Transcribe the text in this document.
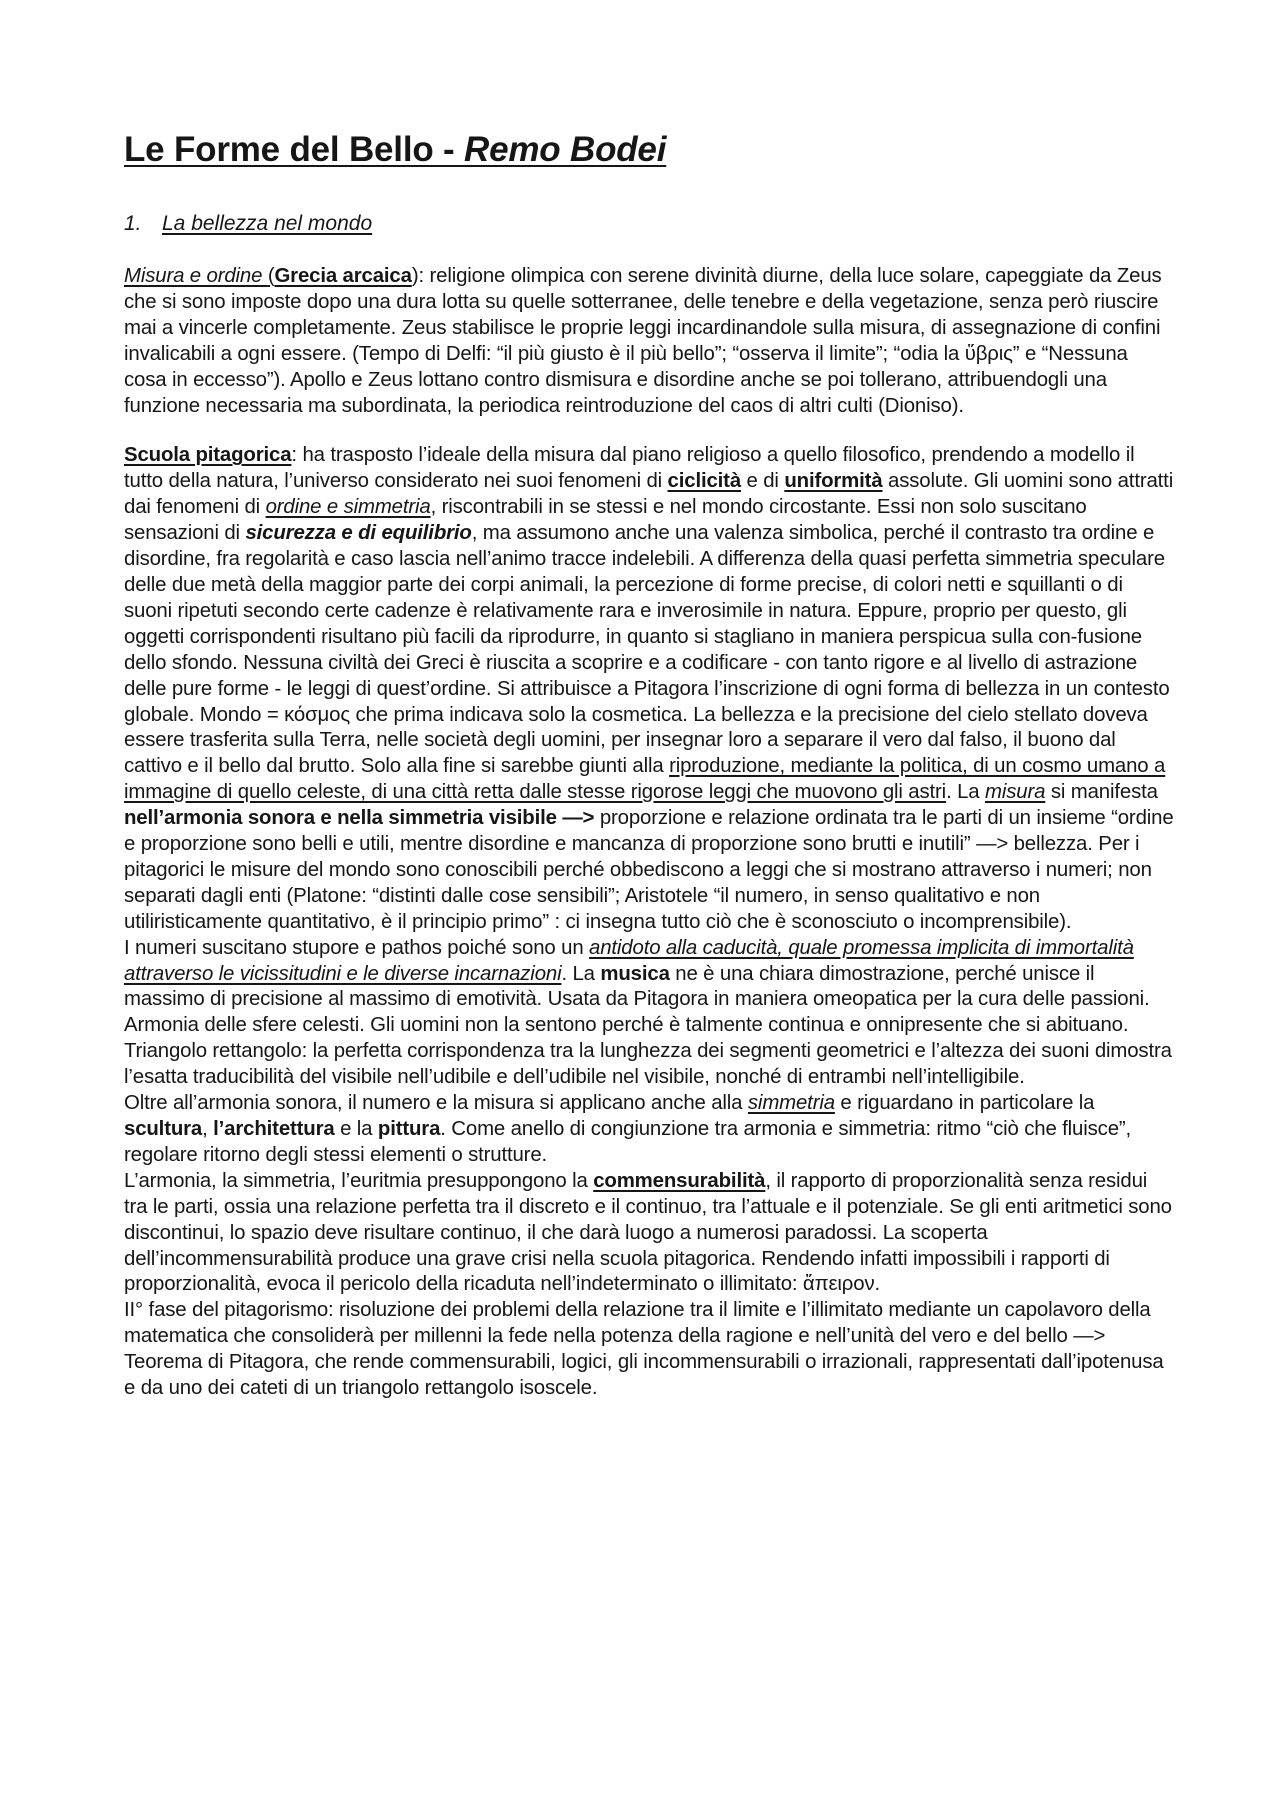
Le Forme del Bello - Remo Bodei
1. La bellezza nel mondo

Misura e ordine (Grecia arcaica): religione olimpica con serene divinità diurne, della luce solare, capeggiate da Zeus che si sono imposte dopo una dura lotta su quelle sotterranee, delle tenebre e della vegetazione, senza però riuscire mai a vincerle completamente. Zeus stabilisce le proprie leggi incardinandole sulla misura, di assegnazione di confini invalicabili a ogni essere. (Tempo di Delfi: “il più giusto è il più bello”; “osserva il limite”; “odia la ὕβρις” e “Nessuna cosa in eccesso”). Apollo e Zeus lottano contro dismisura e disordine anche se poi tollerano, attribuendogli una funzione necessaria ma subordinata, la periodica reintroduzione del caos di altri culti (Dioniso).

Scuola pitagorica: ha trasposto l’ideale della misura dal piano religioso a quello filosofico, prendendo a modello il tutto della natura, l’universo considerato nei suoi fenomeni di ciclicità e di uniformità assolute. Gli uomini sono attratti dai fenomeni di ordine e simmetria, riscontrabili in se stessi e nel mondo circostante. Essi non solo suscitano sensazioni di sicurezza e di equilibrio, ma assumono anche una valenza simbolica, perché il contrasto tra ordine e disordine, fra regolarità e caso lascia nell’animo tracce indelebili. A differenza della quasi perfetta simmetria speculare delle due metà della maggior parte dei corpi animali, la percezione di forme precise, di colori netti e squillanti o di suoni ripetuti secondo certe cadenze è relativamente rara e inverosimile in natura. Eppure, proprio per questo, gli oggetti corrispondenti risultano più facili da riprodurre, in quanto si stagliano in maniera perspicua sulla con-fusione dello sfondo. Nessuna civiltà dei Greci è riuscita a scoprire e a codificare - con tanto rigore e al livello di astrazione delle pure forme - le leggi di quest’ordine. Si attribuisce a Pitagora l’inscrizione di ogni forma di bellezza in un contesto globale. Mondo = κόσμος che prima indicava solo la cosmetica. La bellezza e la precisione del cielo stellato doveva essere trasferita sulla Terra, nelle società degli uomini, per insegnar loro a separare il vero dal falso, il buono dal cattivo e il bello dal brutto. Solo alla fine si sarebbe giunti alla riproduzione, mediante la politica, di un cosmo umano a immagine di quello celeste, di una città retta dalle stesse rigorose leggi che muovono gli astri. La misura si manifesta nell’armonia sonora e nella simmetria visibile —> proporzione e relazione ordinata tra le parti di un insieme “ordine e proporzione sono belli e utili, mentre disordine e mancanza di proporzione sono brutti e inutili” —> bellezza. Per i pitagorici le misure del mondo sono conoscibili perché obbediscono a leggi che si mostrano attraverso i numeri; non separati dagli enti (Platone: “distinti dalle cose sensibili”; Aristotele “il numero, in senso qualitativo e non utiliristicamente quantitativo, è il principio primo” : ci insegna tutto ciò che è sconosciuto o incomprensibile).

I numeri suscitano stupore e pathos poiché sono un antidoto alla caducità, quale promessa implicita di immortalità attraverso le vicissitudini e le diverse incarnazioni. La musica ne è una chiara dimostrazione, perché unisce il massimo di precisione al massimo di emotività. Usata da Pitagora in maniera omeopatica per la cura delle passioni.

Armonia delle sfere celesti. Gli uomini non la sentono perché è talmente continua e onnipresente che si abituano. Triangolo rettangolo: la perfetta corrispondenza tra la lunghezza dei segmenti geometrici e l’altezza dei suoni dimostra l’esatta traducibilità del visibile nell’udibile e dell’udibile nel visibile, nonché di entrambi nell’intelligibile.

Oltre all’armonia sonora, il numero e la misura si applicano anche alla simmetria e riguardano in particolare la scultura, l’architettura e la pittura. Come anello di congiunzione tra armonia e simmetria: ritmo “ciò che fluisce”, regolare ritorno degli stessi elementi o strutture.

L’armonia, la simmetria, l’euritmia presuppongono la commensurabilità, il rapporto di proporzionalità senza residui tra le parti, ossia una relazione perfetta tra il discreto e il continuo, tra l’attuale e il potenziale. Se gli enti aritmetici sono discontinui, lo spazio deve risultare continuo, il che darà luogo a numerosi paradossi. La scoperta dell’incommensurabilità produce una grave crisi nella scuola pitagorica. Rendendo infatti impossibili i rapporti di proporzionalità, evoca il pericolo della ricaduta nell’indeterminato o illimitato: ἄπειρον.

II° fase del pitagorismo: risoluzione dei problemi della relazione tra il limite e l’illimitato mediante un capolavoro della matematica che consoliderà per millenni la fede nella potenza della ragione e nell’unità del vero e del bello —> Teorema di Pitagora, che rende commensurabili, logici, gli incommensurabili o irrazionali, rappresentati dall’ipotenusa e da uno dei cateti di un triangolo rettangolo isoscele.
